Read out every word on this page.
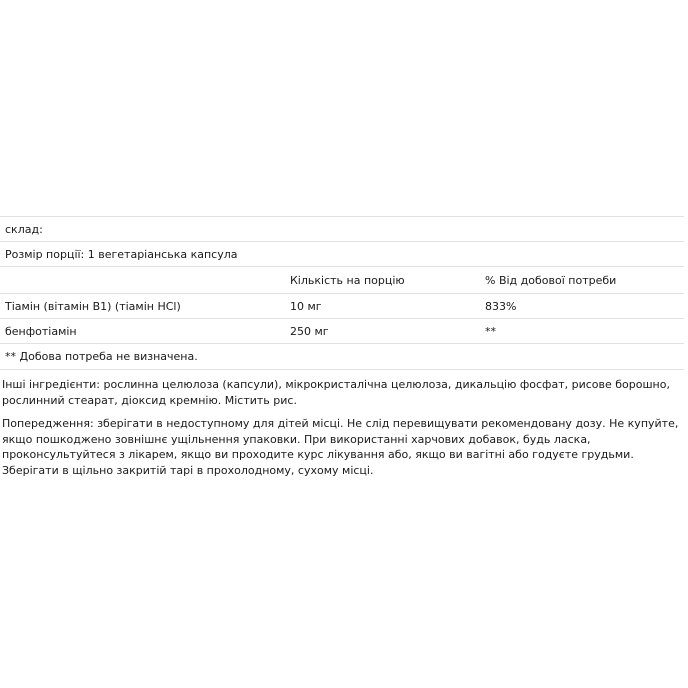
склад:		
Розмір порції: 1 вегетаріанська капсула		
	Кількість на порцію	% Від добової потреби
Тіамін (вітамін B1) (тіамін HCl)	10 мг	833%
бенфотіамін	250 мг	**
** Добова потреба не визначена.		

Інші інгредієнти: рослинна целюлоза (капсули), мікрокристалічна целюлоза, дикальцію фосфат, рисове борошно, рослинний стеарат, діоксид кремнію. Містить рис.

Попередження: зберігати в недоступному для дітей місці. Не слід перевищувати рекомендовану дозу. Не купуйте, якщо пошкоджено зовнішнє ущільнення упаковки. При використанні харчових добавок, будь ласка, проконсультуйтеся з лікарем, якщо ви проходите курс лікування або, якщо ви вагітні або годуєте грудьми. Зберігати в щільно закритій тарі в прохолодному, сухому місці.
